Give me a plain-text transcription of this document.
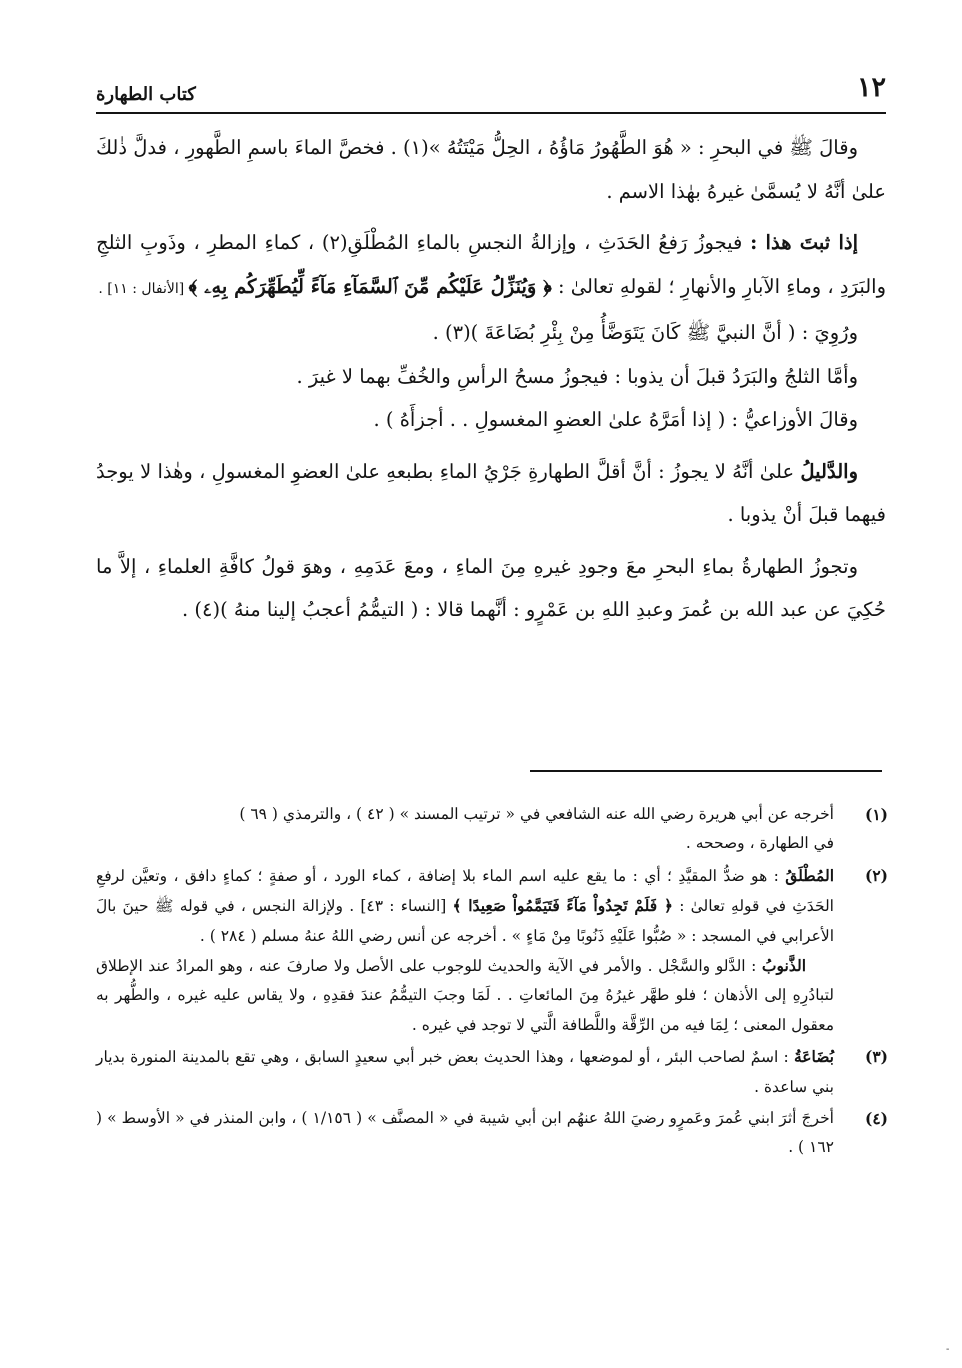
١٢
كتاب الطهارة

وقالَ ﷺ في البحرِ : « هُوَ الطَّهُورُ مَاؤُهُ ، الحِلُّ مَيْتَتُهُ »(١) . فخصَّ الماءَ باسمِ الطَّهورِ ، فدلَّ ذٰلكَ علىٰ أنَّهُ لا يُسمَّىٰ غيرهُ بهٰذا الاسم .

إذا ثبتَ هذا : فيجوزُ رَفعُ الحَدَثِ ، وإزالةُ النجسِ بالماءِ المُطْلَقِ(٢) ، كماءِ المطرِ ، وذَوبِ الثلجِ والبَرَدِ ، وماءِ الآبارِ والأنهارِ ؛ لقولهِ تعالىٰ : ﴿ وَيُنَزِّلُ عَلَيْكُم مِّنَ ٱلسَّمَآءِ مَآءً لِّيُطَهِّرَكُم بِهِۦ ﴾ [الأنفال : ١١] .

ورُوِيَ : ( أنَّ النبيَّ ﷺ كَانَ يَتَوَضَّأُ مِنْ بِئْرِ بُضَاعَةَ )(٣) .

وأمَّا الثلجُ والبَرَدُ قبلَ أن يذوبا : فيجوزُ مسحُ الرأسِ والخُفِّ بهما لا غيرَ .

وقالَ الأوزاعيُّ : ( إذا أمَرَّهُ علىٰ العضوِ المغسولِ . . أجزأَهُ ) .

والدَّليلُ علىٰ أنَّهُ لا يجوزُ : أنَّ أقلَّ الطهارةِ جَرْيُ الماءِ بطبعهِ علىٰ العضوِ المغسولِ ، وهٰذا لا يوجدُ فيهما قبلَ أنْ يذوبا .

وتجوزُ الطهارةُ بماءِ البحرِ معَ وجودِ غيرهِ مِنَ الماءِ ، ومعَ عَدَمِهِ ، وهوَ قولُ كافَّةِ العلماءِ ، إلاَّ ما حُكِيَ عن عبد الله بن عُمرَ وعبدِ اللهِ بن عَمْرٍو : أنَّهما قالا : ( التيمُّمُ أعجبُ إلينا منهُ )(٤) .

(١)

أخرجه عن أبي هريرة رضي الله عنه الشافعي في « ترتيب المسند » ( ٤٢ ) ، والترمذي ( ٦٩ )

في الطهارة ، وصححه .

(٢)

المُطْلَقُ : هو ضدُّ المقيَّدِ ؛ أي : ما يقع عليه اسم الماء بلا إضافة ، كماء الورد ، أو صفةٍ ؛ كماءٍ دافق ، وتعيَّن لرفعِ الحَدَثِ في قولهِ تعالىٰ : ﴿ فَلَمْ تَجِدُواْ مَآءً فَتَيَمَّمُواْ صَعِيدًا ﴾ [النساء : ٤٣] . ولإزالة النجس ، في قوله ﷺ حينَ بالَ الأعرابي في المسجد : « صُبُّوا عَلَيْهِ ذَنُوبًا مِنْ مَاءٍ » . أخرجه عن أنس رضي اللهُ عنهُ مسلم ( ٢٨٤ ) .

الذَّنوبُ : الدَّلو والسَّجْل . والأمر في الآية والحديث للوجوب على الأصل ولا صارفَ عنه ، وهو المرادُ عند الإطلاق لتبادُرِهِ إلى الأذهان ؛ فلو طهَّر غيرُهُ مِنَ المائعاتِ . . لَمَا وجبَ التيمُّمُ عندَ فقدِهِ ، ولا يقاس عليه غيره ، والطُّهر به معقول المعنى ؛ لِمَا فيه من الرِّقَّة واللَّطافة الَّتي لا توجد في غيره .

(٣)

بُضَاعَةُ : اسمٌ لصاحب البئر ، أو لموضعها ، وهذا الحديث بعض خبر أبي سعيدٍ السابق ، وهي تقع بالمدينة المنورة بديار بني ساعدة .

(٤)

أخرجَ أثرَ ابني عُمرَ وعَمرٍو رضيَ اللهُ عنهُم ابن أبي شيبة في « المصنَّف » ( ١/١٥٦ ) ، وابن المنذر في « الأوسط » ( ١٦٢ ) .

-
